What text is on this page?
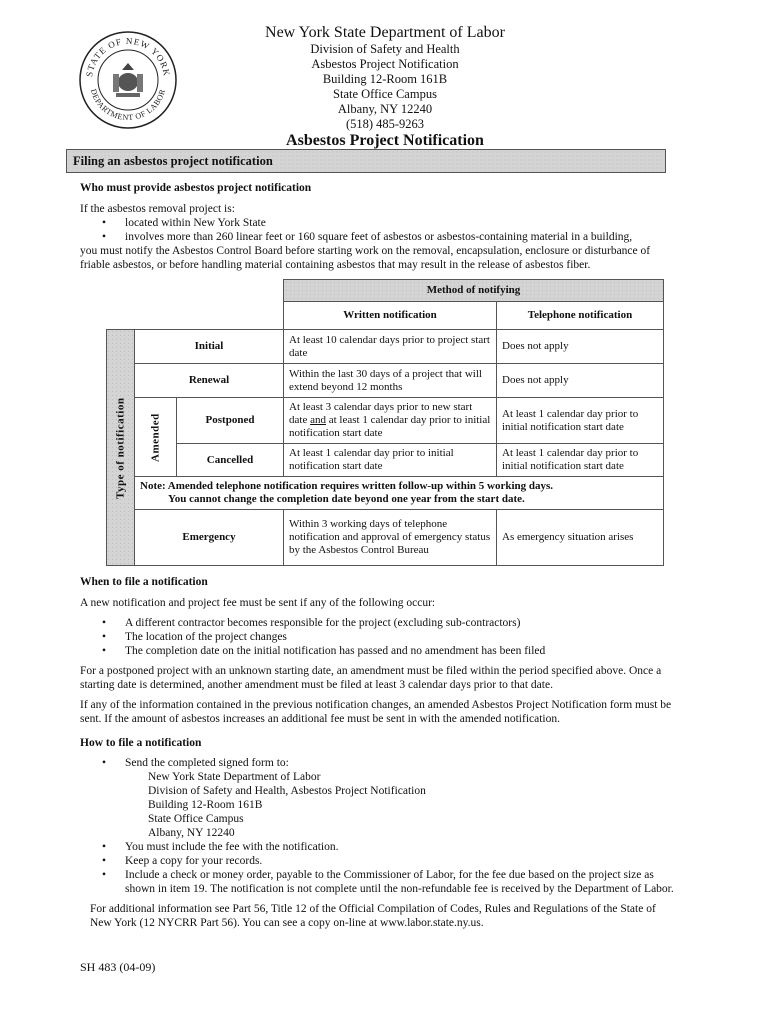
STATE OF NEW YORK
DEPARTMENT OF LABOR
New York State Department of Labor
Division of Safety and Health
Asbestos Project Notification
Building 12-Room 161B
State Office Campus
Albany, NY 12240
(518) 485-9263
Asbestos Project Notification
Filing an asbestos project notification
Who must provide asbestos project notification
If the asbestos removal project is:
• located within New York State
• involves more than 260 linear feet or 160 square feet of asbestos or asbestos-containing material in a building,
you must notify the Asbestos Control Board before starting work on the removal, encapsulation, enclosure or disturbance of friable asbestos, or before handling material containing asbestos that may result in the release of asbestos fiber.
			Method of notifying	
			Written notification	Telephone notification
Type of notification	Initial		At least 10 calendar days prior to project start date	Does not apply
	Renewal		Within the last 30 days of a project that will extend beyond 12 months	Does not apply
	Amended	Postponed	At least 3 calendar days prior to new start date and at least 1 calendar day prior to initial notification start date	At least 1 calendar day prior to initial notification start date
		Cancelled	At least 1 calendar day prior to initial notification start date	At least 1 calendar day prior to initial notification start date

	Note: Amended telephone notification requires written follow-up within 5 working days.
You cannot change the completion date beyond one year from the start date.			

	Emergency		Within 3 working days of telephone notification and approval of emergency status by the Asbestos Control Bureau	As emergency situation arises
When to file a notification
A new notification and project fee must be sent if any of the following occur:
• A different contractor becomes responsible for the project (excluding sub-contractors)
• The location of the project changes
• The completion date on the initial notification has passed and no amendment has been filed
For a postponed project with an unknown starting date, an amendment must be filed within the period specified above. Once a starting date is determined, another amendment must be filed at least 3 calendar days prior to that date.
If any of the information contained in the previous notification changes, an amended Asbestos Project Notification form must be sent. If the amount of asbestos increases an additional fee must be sent in with the amended notification.
How to file a notification
• Send the completed signed form to:
New York State Department of Labor
Division of Safety and Health, Asbestos Project Notification
Building 12-Room 161B
State Office Campus
Albany, NY 12240
• You must include the fee with the notification.
• Keep a copy for your records.
• Include a check or money order, payable to the Commissioner of Labor, for the fee due based on the project size as shown in item 19. The notification is not complete until the non-refundable fee is received by the Department of Labor.
For additional information see Part 56, Title 12 of the Official Compilation of Codes, Rules and Regulations of the State of New York (12 NYCRR Part 56). You can see a copy on-line at www.labor.state.ny.us.
SH 483 (04-09)
